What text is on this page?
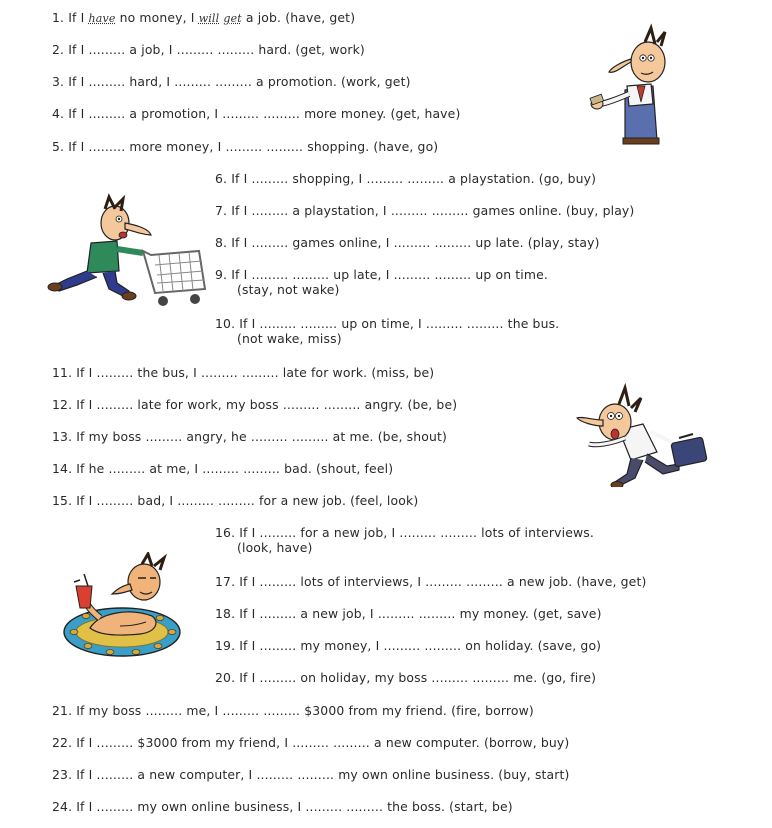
1. If I have no money, I will get a job. (have, get)
2. If I ......... a job, I ......... ......... hard. (get, work)
3. If I ......... hard, I ......... ......... a promotion. (work, get)
4. If I ......... a promotion, I ......... ......... more money. (get, have)
5. If I ......... more money, I ......... ......... shopping. (have, go)
6. If I ......... shopping, I ......... ......... a playstation. (go, buy)
7. If I ......... a playstation, I ......... ......... games online. (buy, play)
8. If I ......... games online, I ......... ......... up late. (play, stay)
9. If I ......... ......... up late, I ......... ......... up on time.
(stay, not wake)
10. If I ......... ......... up on time, I ......... ......... the bus.
(not wake, miss)
11. If I ......... the bus, I ......... ......... late for work. (miss, be)
12. If I ......... late for work, my boss ......... ......... angry. (be, be)
13. If my boss ......... angry, he ......... ......... at me. (be, shout)
14. If he ......... at me, I ......... ......... bad. (shout, feel)
15. If I ......... bad, I ......... ......... for a new job. (feel, look)
16. If I ......... for a new job, I ......... ......... lots of interviews.
(look, have)
17. If I ......... lots of interviews, I ......... ......... a new job. (have, get)
18. If I ......... a new job, I ......... ......... my money. (get, save)
19. If I ......... my money, I ......... ......... on holiday. (save, go)
20. If I ......... on holiday, my boss ......... ......... me. (go, fire)
21. If my boss ......... me, I ......... ......... $3000 from my friend. (fire, borrow)
22. If I ......... $3000 from my friend, I ......... ......... a new computer. (borrow, buy)
23. If I ......... a new computer, I ......... ......... my own online business. (buy, start)
24. If I ......... my own online business, I ......... ......... the boss. (start, be)
